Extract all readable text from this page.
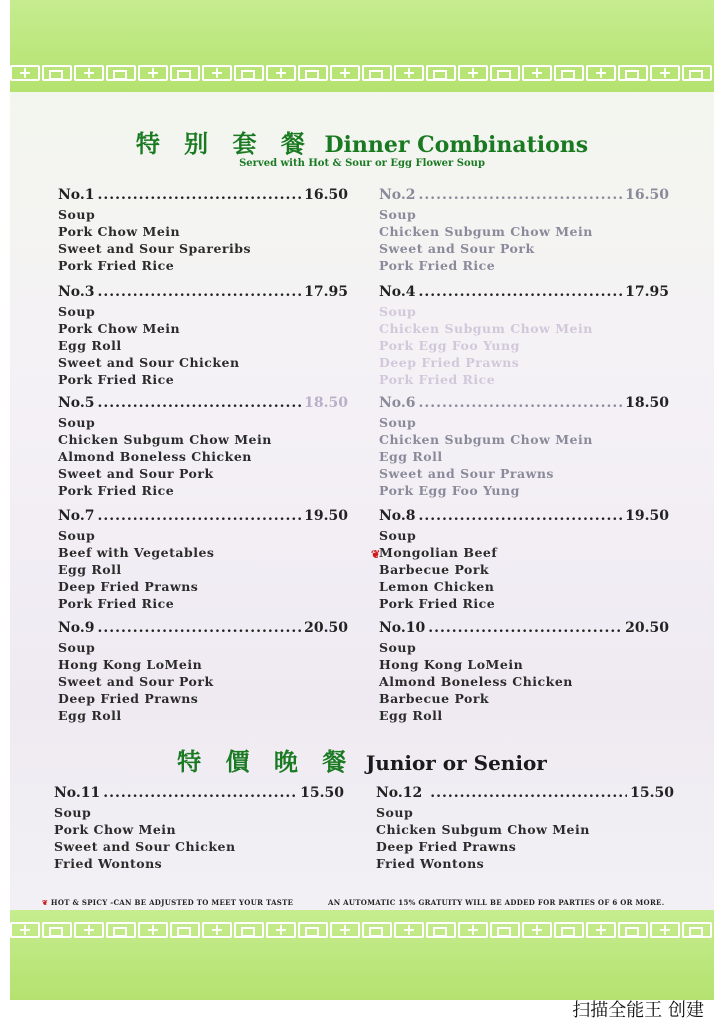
+
+
+
+
+
+
+
+
+
+
+
特 别 套 餐 Dinner Combinations
Served with Hot & Sour or Egg Flower Soup
No.1 .....	16.50
Soup
Pork Chow Mein
Sweet and Sour Spareribs
Pork Fried Rice
No.2 .....	16.50
Soup
Chicken Subgum Chow Mein
Sweet and Sour Pork
Pork Fried Rice
No.3 .....	17.95
Soup
Pork Chow Mein
Egg Roll
Sweet and Sour Chicken
Pork Fried Rice
No.4 .....	17.95
Soup
Chicken Subgum Chow Mein
Pork Egg Foo Yung
Deep Fried Prawns
Pork Fried Rice
No.5 .....	18.50
Soup
Chicken Subgum Chow Mein
Almond Boneless Chicken
Sweet and Sour Pork
Pork Fried Rice
No.6 .....	18.50
Soup
Chicken Subgum Chow Mein
Egg Roll
Sweet and Sour Prawns
Pork Egg Foo Yung
No.7 .....	19.50
Soup
Beef with Vegetables
Egg Roll
Deep Fried Prawns
Pork Fried Rice
No.8 .....	19.50
Soup
❦
Mongolian Beef
Barbecue Pork
Lemon Chicken
Pork Fried Rice
No.9 .....	20.50
Soup
Hong Kong LoMein
Sweet and Sour Pork
Deep Fried Prawns
Egg Roll
No.10 .....	20.50
Soup
Hong Kong LoMein
Almond Boneless Chicken
Barbecue Pork
Egg Roll
特 價 晚 餐 Junior or Senior
No.11 .....	15.50
Soup
Pork Chow Mein
Sweet and Sour Chicken
Fried Wontons
No.12 .....	15.50
Soup
Chicken Subgum Chow Mein
Deep Fried Prawns
Fried Wontons
❦ HOT & SPICY -CAN BE ADJUSTED TO MEET YOUR TASTE	AN AUTOMATIC 15% GRATUITY WILL BE ADDED FOR PARTIES OF 6 OR MORE.
+
+
+
+
+
+
+
+
+
+
+
扫描全能王 创建
